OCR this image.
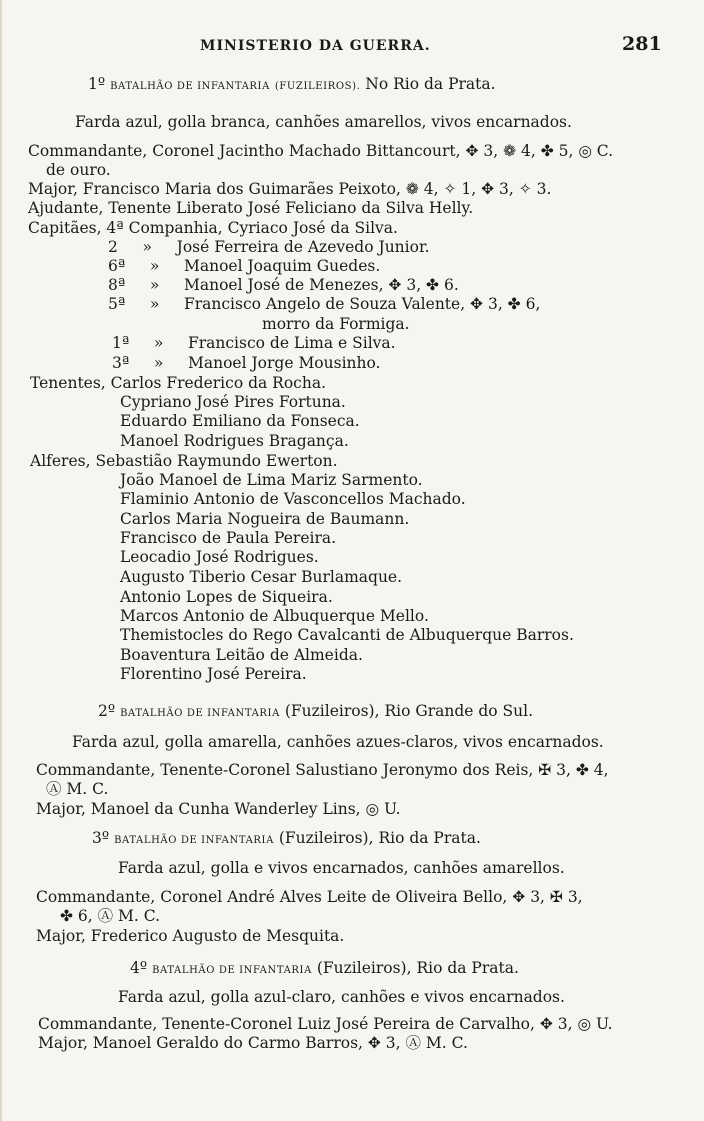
MINISTERIO DA GUERRA.	281
1º BATALHÃO DE INFANTARIA (FUZILEIROS). No Rio da Prata.
Farda azul, golla branca, canhões amarellos, vivos encarnados.
Commandante, Coronel Jacintho Machado Bittancourt, ✥ 3, ❁ 4, ✤ 5, ◎ C.
de ouro.
Major, Francisco Maria dos Guimarães Peixoto, ❁ 4, ✧ 1, ✥ 3, ✧ 3.
Ajudante, Tenente Liberato José Feliciano da Silva Helly.
Capitães, 4ª Companhia, Cyriaco José da Silva.
2     »     José Ferreira de Azevedo Junior.
6ª     »     Manoel Joaquim Guedes.
8ª     »     Manoel José de Menezes, ✥ 3, ✤ 6.
5ª     »     Francisco Angelo de Souza Valente, ✥ 3, ✤ 6,
morro da Formiga.
1ª     »     Francisco de Lima e Silva.
3ª     »     Manoel Jorge Mousinho.
Tenentes, Carlos Frederico da Rocha.
Cypriano José Pires Fortuna.
Eduardo Emiliano da Fonseca.
Manoel Rodrigues Bragança.
Alferes, Sebastião Raymundo Ewerton.
João Manoel de Lima Mariz Sarmento.
Flaminio Antonio de Vasconcellos Machado.
Carlos Maria Nogueira de Baumann.
Francisco de Paula Pereira.
Leocadio José Rodrigues.
Augusto Tiberio Cesar Burlamaque.
Antonio Lopes de Siqueira.
Marcos Antonio de Albuquerque Mello.
Themistocles do Rego Cavalcanti de Albuquerque Barros.
Boaventura Leitão de Almeida.
Florentino José Pereira.
2º BATALHÃO DE INFANTARIA (Fuzileiros), Rio Grande do Sul.
Farda azul, golla amarella, canhões azues-claros, vivos encarnados.
Commandante, Tenente-Coronel Salustiano Jeronymo dos Reis, ✠ 3, ✤ 4,
Ⓐ M. C.
Major, Manoel da Cunha Wanderley Lins, ◎ U.
3º BATALHÃO DE INFANTARIA (Fuzileiros), Rio da Prata.
Farda azul, golla e vivos encarnados, canhões amarellos.
Commandante, Coronel André Alves Leite de Oliveira Bello, ✥ 3, ✠ 3,
✤ 6, Ⓐ M. C.
Major, Frederico Augusto de Mesquita.
4º BATALHÃO DE INFANTARIA (Fuzileiros), Rio da Prata.
Farda azul, golla azul-claro, canhões e vivos encarnados.
Commandante, Tenente-Coronel Luiz José Pereira de Carvalho, ✥ 3, ◎ U.
Major, Manoel Geraldo do Carmo Barros, ✥ 3, Ⓐ M. C.
